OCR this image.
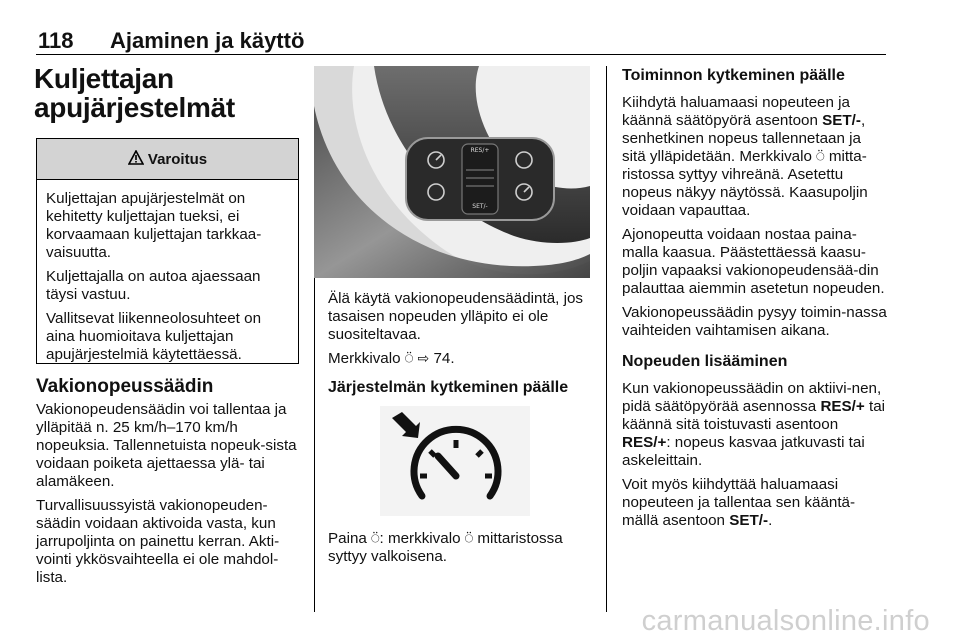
118 Ajaminen ja käyttö
Kuljettajan apujärjestelmät
Varoitus

Kuljettajan apujärjestelmät on kehitetty kuljettajan tueksi, ei korvaamaan kuljettajan tarkkaa-vaisuutta.

Kuljettajalla on autoa ajaessaan täysi vastuu.

Vallitsevat liikenneolosuhteet on aina huomioitava kuljettajan apujärjestelmiä käytettäessä.

Vakionopeussäädin

Vakionopeudensäädin voi tallentaa ja ylläpitää n. 25 km/h–170 km/h nopeuksia. Tallennetuista nopeuk-sista voidaan poiketa ajettaessa ylä- tai alamäkeen.

Turvallisuussyistä vakionopeuden-säädin voidaan aktivoida vasta, kun jarrupoljinta on painettu kerran. Akti-vointi ykkösvaihteella ei ole mahdol-lista.

RES/+
SET/-

Älä käytä vakionopeudensäädintä, jos tasaisen nopeuden ylläpito ei ole suositeltavaa.

Merkkivalo ⍥ ⇨ 74.

Järjestelmän kytkeminen päälle

Paina ⍥: merkkivalo ⍥ mittaristossa syttyy valkoisena.

Toiminnon kytkeminen päälle

Kiihdytä haluamaasi nopeuteen ja käännä säätöpyörä asentoon SET/-, senhetkinen nopeus tallennetaan ja sitä ylläpidetään. Merkkivalo ⍥ mitta-ristossa syttyy vihreänä. Asetettu nopeus näkyy näytössä. Kaasupoljin voidaan vapauttaa.

Ajonopeutta voidaan nostaa paina-malla kaasua. Päästettäessä kaasu-poljin vapaaksi vakionopeudensää-din palauttaa aiemmin asetetun nopeuden.

Vakionopeussäädin pysyy toimin-nassa vaihteiden vaihtamisen aikana.

Nopeuden lisääminen

Kun vakionopeussäädin on aktiivi-nen, pidä säätöpyörää asennossa RES/+ tai käännä sitä toistuvasti asentoon RES/+: nopeus kasvaa jatkuvasti tai askeleittain.

Voit myös kiihdyttää haluamaasi nopeuteen ja tallentaa sen kääntä-mällä asentoon SET/-.

carmanualsonline.info
